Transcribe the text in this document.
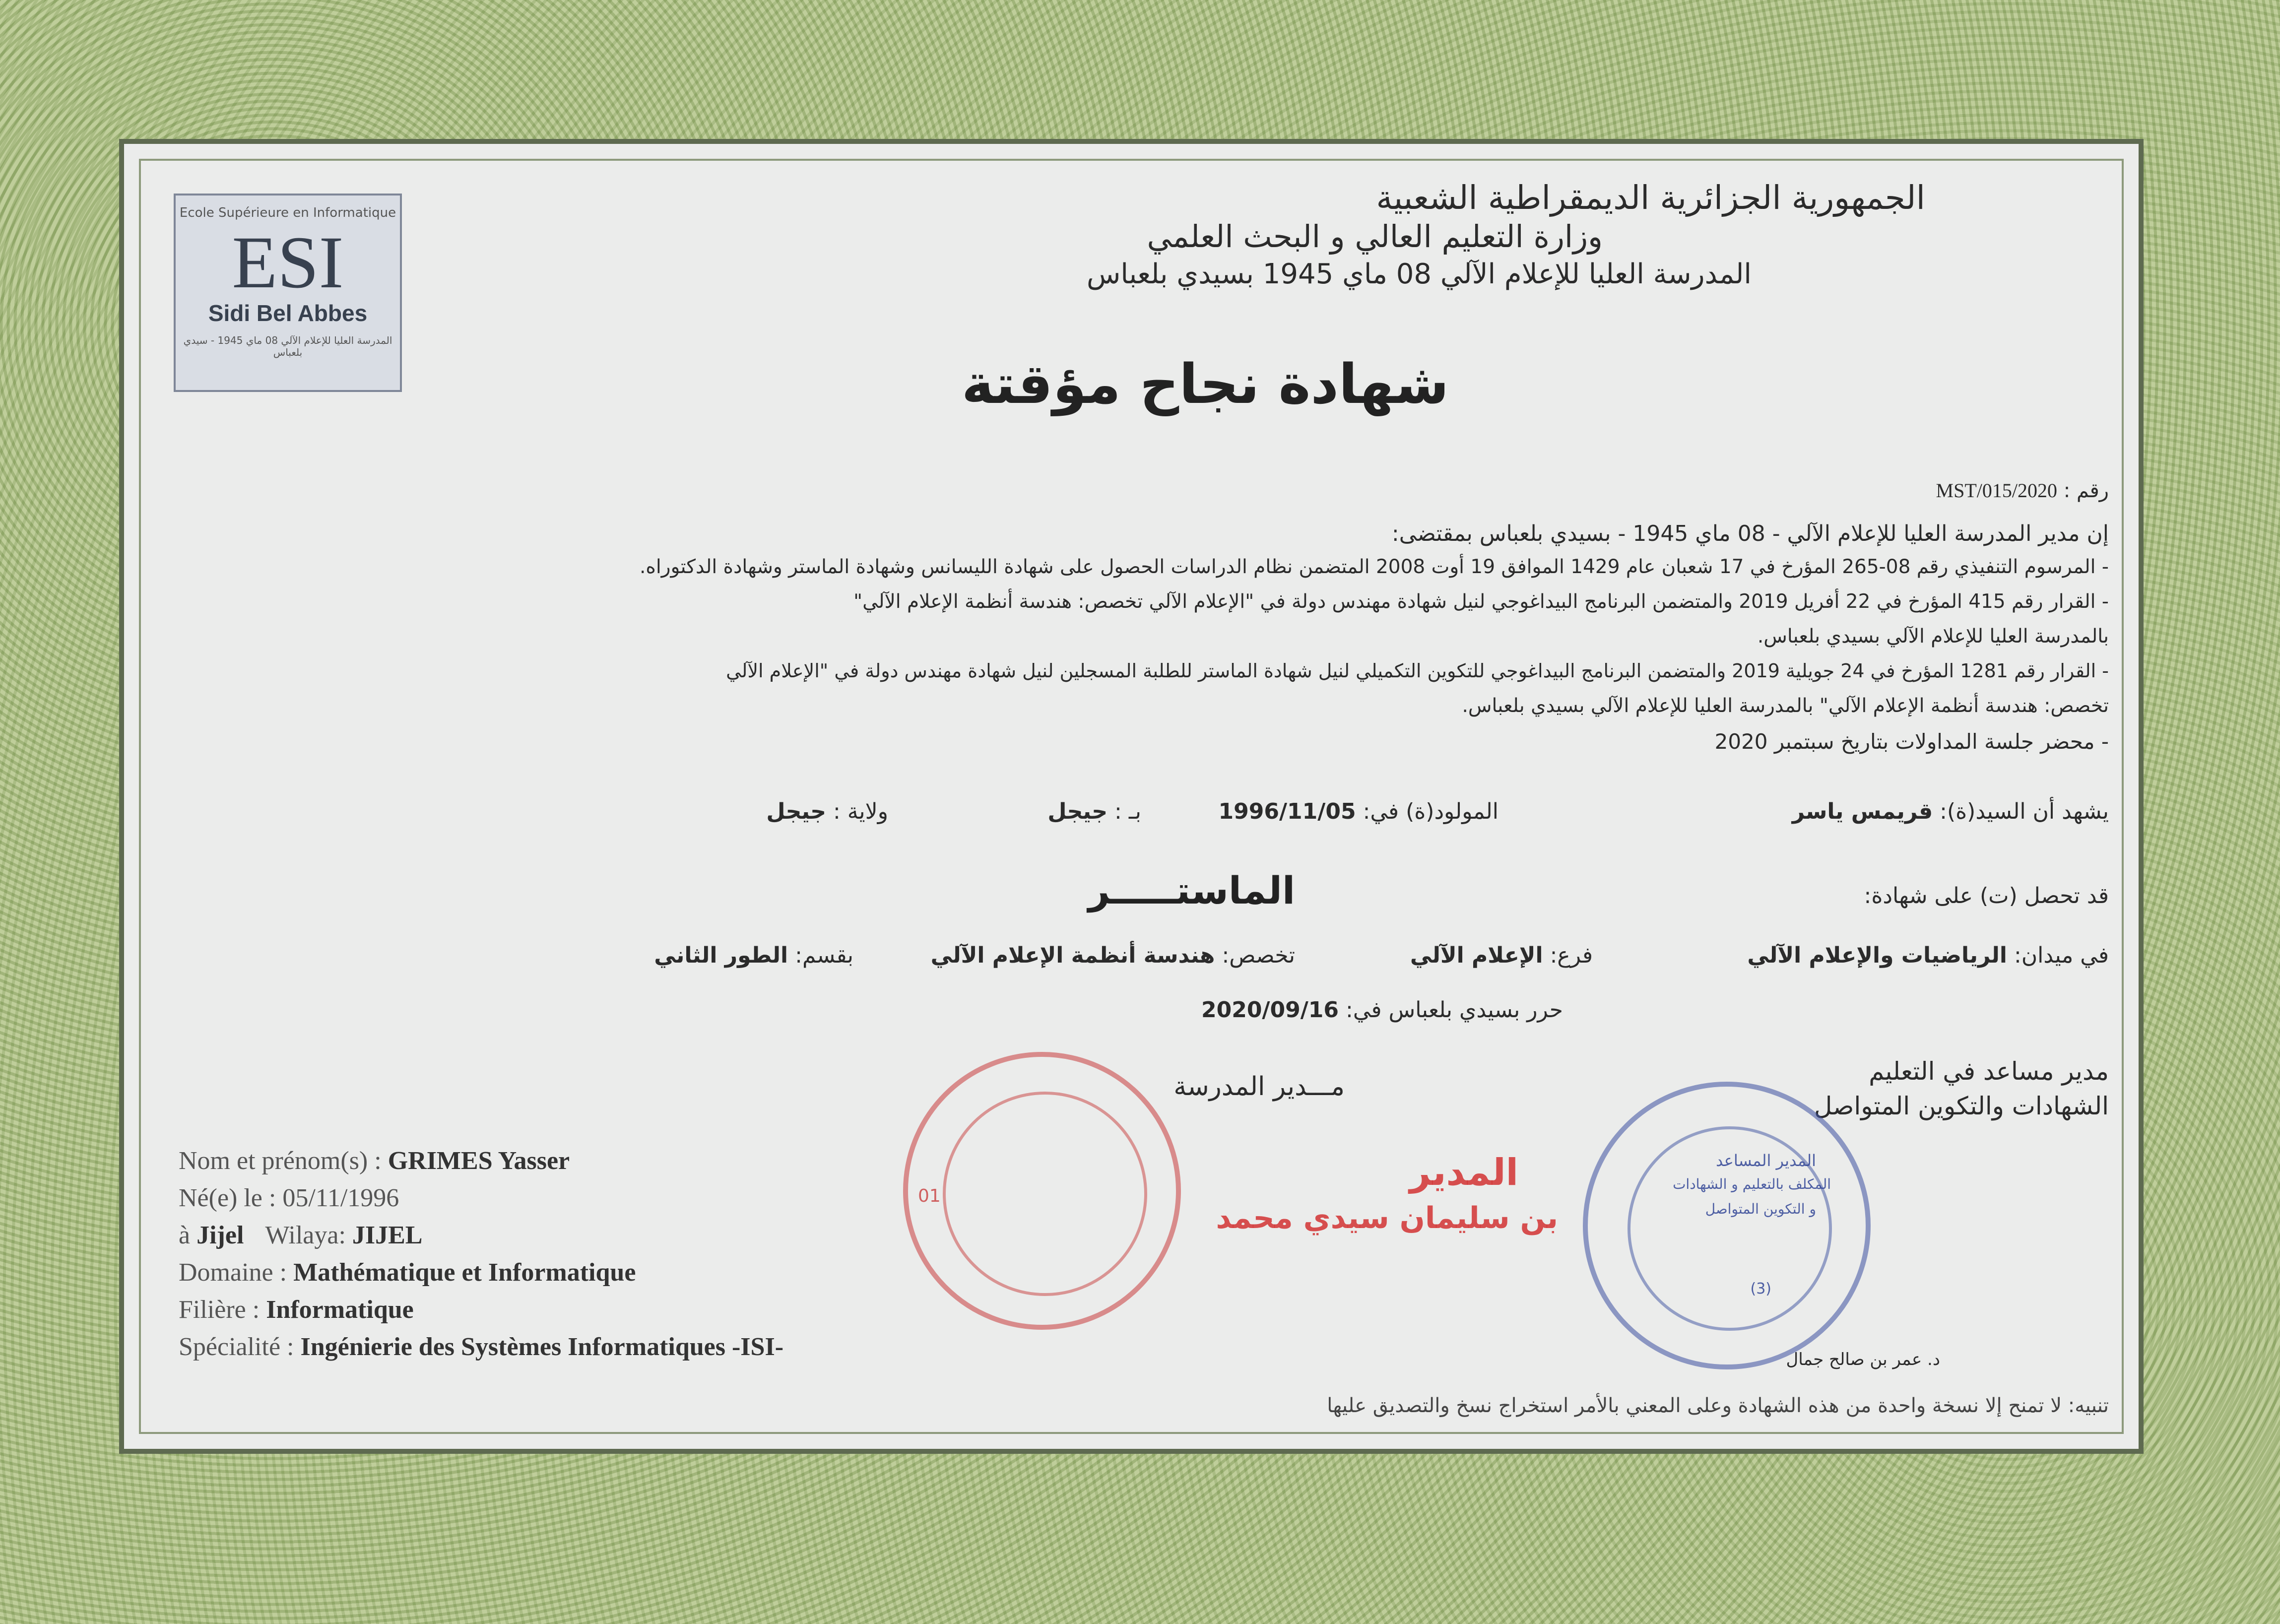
Ecole Supérieure en Informatique
ESI
Sidi Bel Abbes
المدرسة العليا للإعلام الآلي 08 ماي 1945 - سيدي بلعباس
الجمهورية الجزائرية الديمقراطية الشعبية
وزارة التعليم العالي و البحث العلمي
المدرسة العليا للإعلام الآلي 08 ماي 1945 بسيدي بلعباس
شهادة نجاح مؤقتة
رقم : 2020/MST/015
إن مدير المدرسة العليا للإعلام الآلي - 08 ماي 1945 - بسيدي بلعباس بمقتضى:
- المرسوم التنفيذي رقم 08-265 المؤرخ في 17 شعبان عام 1429 الموافق 19 أوت 2008 المتضمن نظام الدراسات الحصول على شهادة الليسانس وشهادة الماستر وشهادة الدكتوراه.
- القرار رقم 415 المؤرخ في 22 أفريل 2019 والمتضمن البرنامج البيداغوجي لنيل شهادة مهندس دولة في "الإعلام الآلي تخصص: هندسة أنظمة الإعلام الآلي"
بالمدرسة العليا للإعلام الآلي بسيدي بلعباس.
- القرار رقم 1281 المؤرخ في 24 جويلية 2019 والمتضمن البرنامج البيداغوجي للتكوين التكميلي لنيل شهادة الماستر للطلبة المسجلين لنيل شهادة مهندس دولة في "الإعلام الآلي
تخصص: هندسة أنظمة الإعلام الآلي" بالمدرسة العليا للإعلام الآلي بسيدي بلعباس.
- محضر جلسة المداولات بتاريخ سبتمبر 2020
يشهد أن السيد(ة): قريمس ياسر
المولود(ة) في: 1996/11/05
بـ : جيجل
ولاية : جيجل
قد تحصل (ت) على شهادة:
الماستـــــر
في ميدان: الرياضيات والإعلام الآلي
فرع: الإعلام الآلي
تخصص: هندسة أنظمة الإعلام الآلي
بقسم: الطور الثاني
حرر بسيدي بلعباس في: 2020/09/16
مـــدير المدرسة
01
المدير
بن سليمان سيدي محمد
مدير مساعد في التعليم
الشهادات والتكوين المتواصل
المدير المساعد
المكلف بالتعليم و الشهادات
و التكوين المتواصل
(3)
د. عمر بن صالح جمال
Nom et prénom(s) : GRIMES Yasser
Né(e) le : 05/11/1996
à Jijel Wilaya: JIJEL
Domaine : Mathématique et Informatique
Filière : Informatique
Spécialité : Ingénierie des Systèmes Informatiques -ISI-
تنبيه: لا تمنح إلا نسخة واحدة من هذه الشهادة وعلى المعني بالأمر استخراج نسخ والتصديق عليها
